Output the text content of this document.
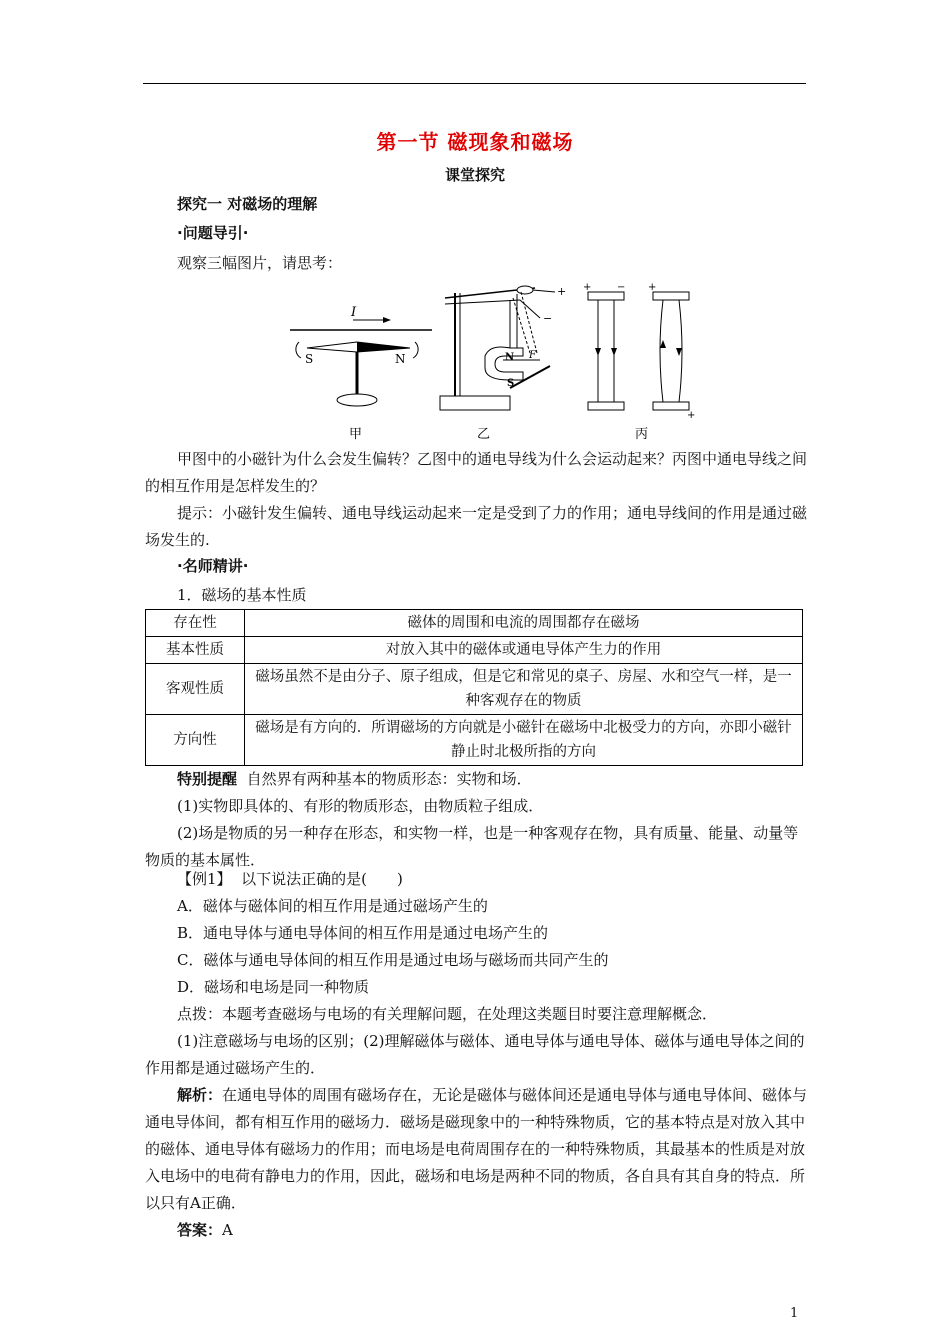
第一节 磁现象和磁场
课堂探究
探究一 对磁场的理解
·问题导引·
观察三幅图片，请思考：
I
S	N
甲
+
−
N
S
F
乙
+	− +
+
丙

甲图中的小磁针为什么会发生偏转？乙图中的通电导线为什么会运动起来？丙图中通电导线之间的相互作用是怎样发生的？

提示：小磁针发生偏转、通电导线运动起来一定是受到了力的作用；通电导线间的作用是通过磁场发生的.

·名师精讲·
1．磁场的基本性质
存在性	磁体的周围和电流的周围都存在磁场
基本性质	对放入其中的磁体或通电导体产生力的作用
客观性质	磁场虽然不是由分子、原子组成，但是它和常见的桌子、房屋、水和空气一样，是一种客观存在的物质
方向性	磁场是有方向的．所谓磁场的方向就是小磁针在磁场中北极受力的方向，亦即小磁针静止时北极所指的方向

特别提醒 自然界有两种基本的物质形态：实物和场．

(1)实物即具体的、有形的物质形态，由物质粒子组成．

(2)场是物质的另一种存在形态，和实物一样，也是一种客观存在物，具有质量、能量、动量等物质的基本属性．

【例1】 以下说法正确的是(　　)

A．磁体与磁体间的相互作用是通过磁场产生的

B．通电导体与通电导体间的相互作用是通过电场产生的

C．磁体与通电导体间的相互作用是通过电场与磁场而共同产生的

D．磁场和电场是同一种物质

点拨：本题考查磁场与电场的有关理解问题，在处理这类题目时要注意理解概念．

(1)注意磁场与电场的区别；(2)理解磁体与磁体、通电导体与通电导体、磁体与通电导体之间的作用都是通过磁场产生的．

解析：在通电导体的周围有磁场存在，无论是磁体与磁体间还是通电导体与通电导体间、磁体与通电导体间，都有相互作用的磁场力．磁场是磁现象中的一种特殊物质，它的基本特点是对放入其中的磁体、通电导体有磁场力的作用；而电场是电荷周围存在的一种特殊物质，其最基本的性质是对放入电场中的电荷有静电力的作用，因此，磁场和电场是两种不同的物质，各自具有其自身的特点．所以只有A正确．

答案：A

1
